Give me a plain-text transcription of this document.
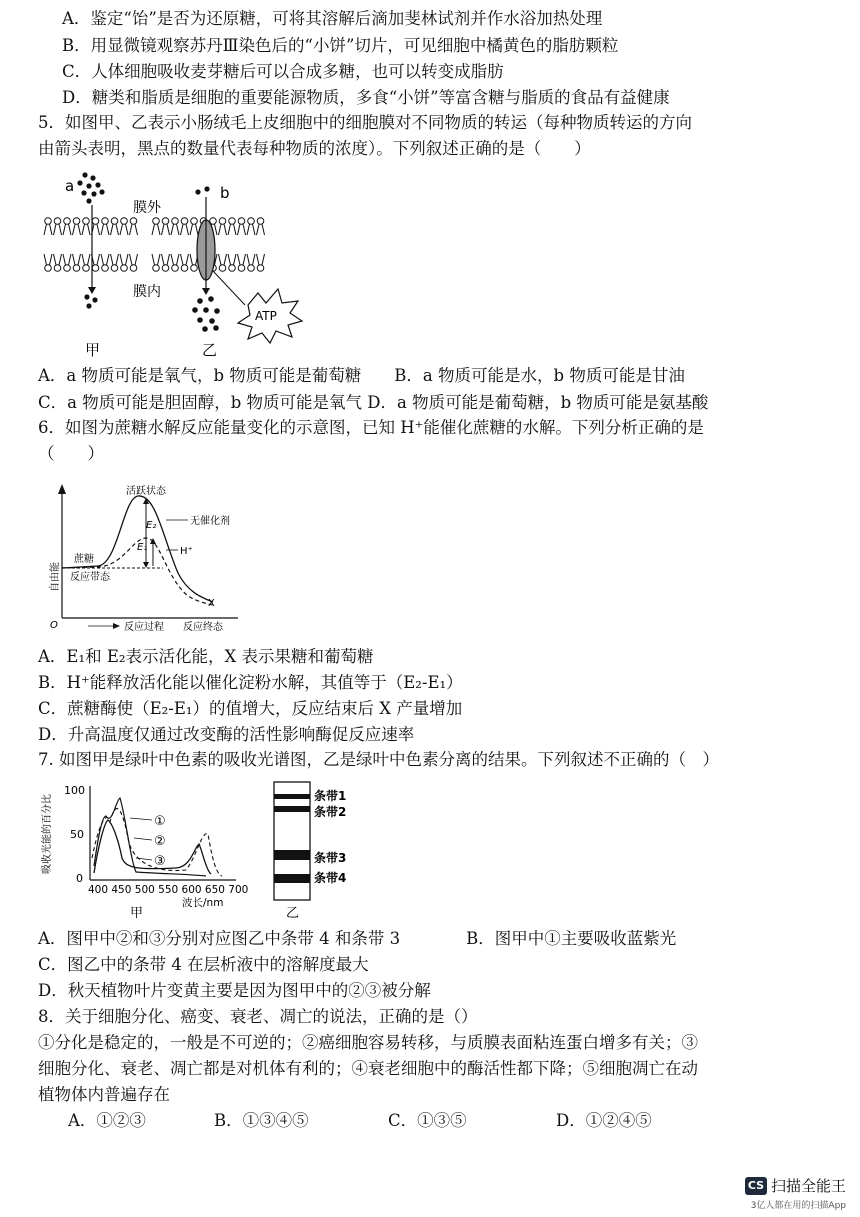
A．鉴定“饴”是否为还原糖，可将其溶解后滴加斐林试剂并作水浴加热处理
B．用显微镜观察苏丹Ⅲ染色后的“小饼”切片，可见细胞中橘黄色的脂肪颗粒
C．人体细胞吸收麦芽糖后可以合成多糖，也可以转变成脂肪
D．糖类和脂质是细胞的重要能源物质，多食“小饼”等富含糖与脂质的食品有益健康
5．如图甲、乙表示小肠绒毛上皮细胞中的细胞膜对不同物质的转运（每种物质转运的方向
由箭头表明，黑点的数量代表每种物质的浓度）。下列叙述正确的是（　　）
a	b
膜外
膜内
ATP
甲	乙
A．a 物质可能是氧气，b 物质可能是葡萄糖　　B．a 物质可能是水，b 物质可能是甘油
C．a 物质可能是胆固醇，b 物质可能是氧气 D．a 物质可能是葡萄糖，b 物质可能是氨基酸
6．如图为蔗糖水解反应能量变化的示意图，已知 H⁺能催化蔗糖的水解。下列分析正确的是
（　　）
活跃状态
E₂
E₁
无催化剂
H⁺
蔗糖
反应带态
自由能
X
O	反应过程 反应终态
A．E₁和 E₂表示活化能，X 表示果糖和葡萄糖
B．H⁺能释放活化能以催化淀粉水解，其值等于（E₂-E₁）
C．蔗糖酶使（E₂-E₁）的值增大，反应结束后 X 产量增加
D．升高温度仅通过改变酶的活性影响酶促反应速率
7. 如图甲是绿叶中色素的吸收光谱图，乙是绿叶中色素分离的结果。下列叙述不正确的（　）
吸收光能的百分比
100
50
0
400 450 500 550 600 650 700
波长/nm
①
②
③
甲
条带1
条带2
条带3
条带4
乙
A．图甲中②和③分别对应图乙中条带 4 和条带 3　　　　B．图甲中①主要吸收蓝紫光
C．图乙中的条带 4 在层析液中的溶解度最大
D．秋天植物叶片变黄主要是因为图甲中的②③被分解
8．关于细胞分化、癌变、衰老、凋亡的说法，正确的是（）
①分化是稳定的，一般是不可逆的；②癌细胞容易转移，与质膜表面粘连蛋白增多有关；③
细胞分化、衰老、凋亡都是对机体有利的；④衰老细胞中的酶活性都下降；⑤细胞凋亡在动
植物体内普遍存在
A．①②③	B．①③④⑤	C．①③⑤	D．①②④⑤
CS 扫描全能王
3亿人都在用的扫描App
